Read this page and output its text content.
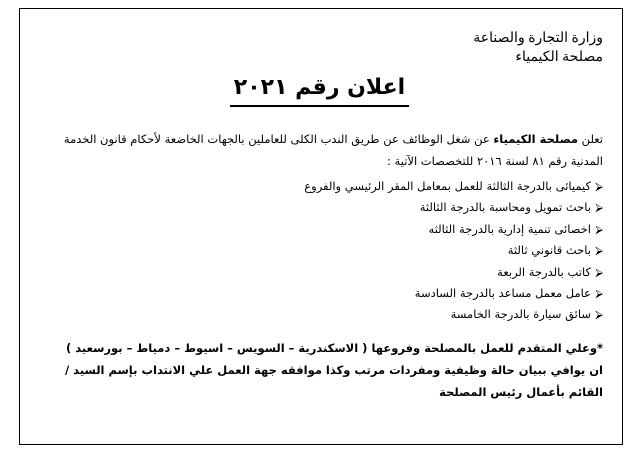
وزارة التجارة والصناعة
مصلحة الكيمياء
اعلان رقم ٢٠٢١
تعلن مصلحة الكيمياء عن شغل الوظائف عن طريق الندب الكلى للعاملين بالجهات الخاضعة لأحكام قانون الخدمة المدنية رقم ٨١ لسنة ٢٠١٦ للتخصصات الآتية :
⮚كيميائى بالدرجة الثالثة للعمل بمعامل المقر الرئيسي والفروع
⮚باحث تمويل ومحاسبة بالدرجة الثالثة
⮚اخصائى تنمية إدارية بالدرجة الثالثه
⮚باحث قانوني ثالثة
⮚كاتب بالدرجة الربعة
⮚عامل معمل مساعد بالدرجة السادسة
⮚سائق سيارة بالدرجة الخامسة
*وعلي المتقدم للعمل بالمصلحة وفروعها ( الاسكندرية – السويس – اسيوط – دمياط – بورسعيد )
ان يوافي ببيان حالة وظيفية ومفردات مرتب وكذا موافقه جهة العمل علي الانتداب بإسم السيد / القائم بأعمال رئيس المصلحة
